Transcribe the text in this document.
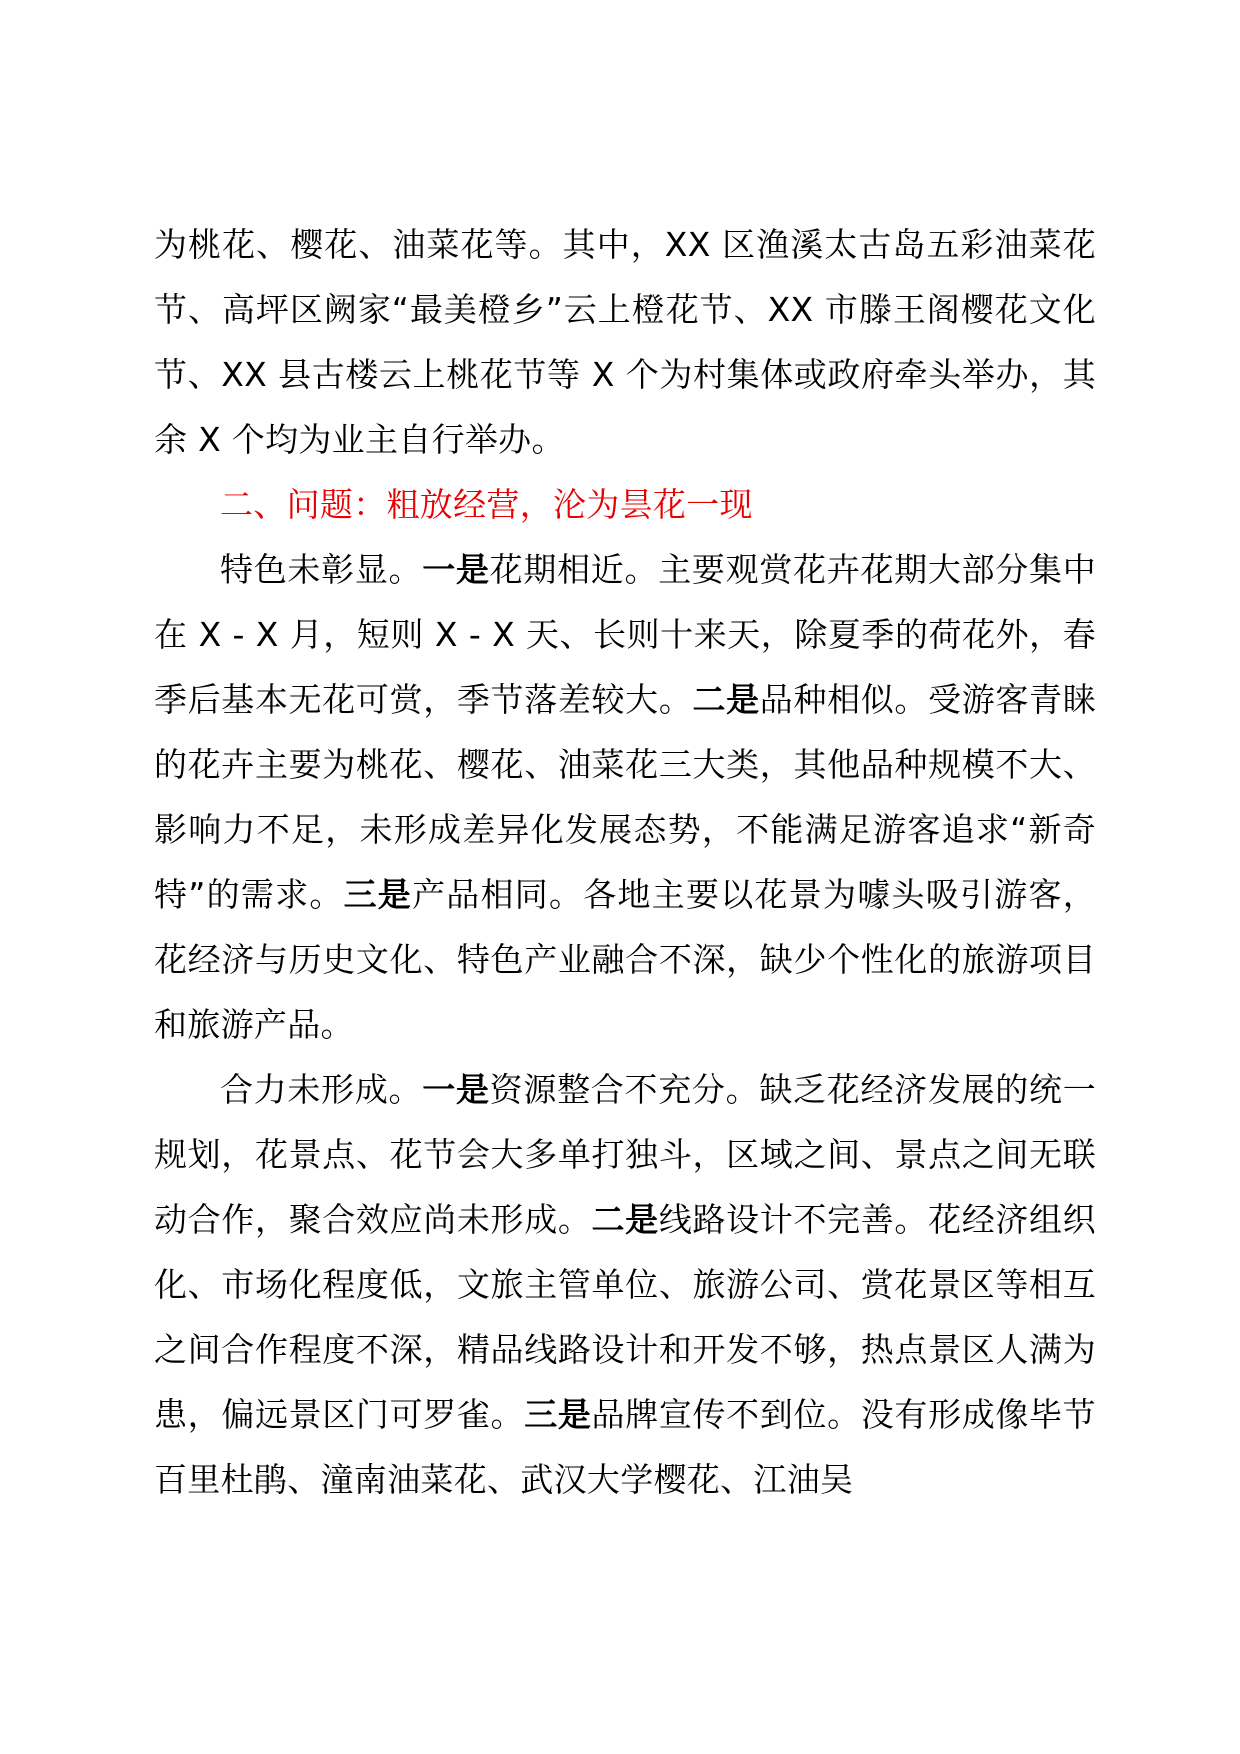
为桃花、樱花、油菜花等。其中，XX 区渔溪太古岛五彩油菜花节、高坪区阙家“最美橙乡”云上橙花节、XX 市滕王阁樱花文化节、XX 县古楼云上桃花节等 X 个为村集体或政府牵头举办，其余 X 个均为业主自行举办。

二、问题：粗放经营，沦为昙花一现

特色未彰显。一是花期相近。主要观赏花卉花期大部分集中在 X - X 月，短则 X - X 天、长则十来天，除夏季的荷花外，春季后基本无花可赏，季节落差较大。二是品种相似。受游客青睐的花卉主要为桃花、樱花、油菜花三大类，其他品种规模不大、影响力不足，未形成差异化发展态势，不能满足游客追求“新奇特”的需求。三是产品相同。各地主要以花景为噱头吸引游客，花经济与历史文化、特色产业融合不深，缺少个性化的旅游项目和旅游产品。

合力未形成。一是资源整合不充分。缺乏花经济发展的统一规划，花景点、花节会大多单打独斗，区域之间、景点之间无联动合作，聚合效应尚未形成。二是线路设计不完善。花经济组织化、市场化程度低，文旅主管单位、旅游公司、赏花景区等相互之间合作程度不深，精品线路设计和开发不够，热点景区人满为患，偏远景区门可罗雀。三是品牌宣传不到位。没有形成像毕节百里杜鹃、潼南油菜花、武汉大学樱花、江油吴
